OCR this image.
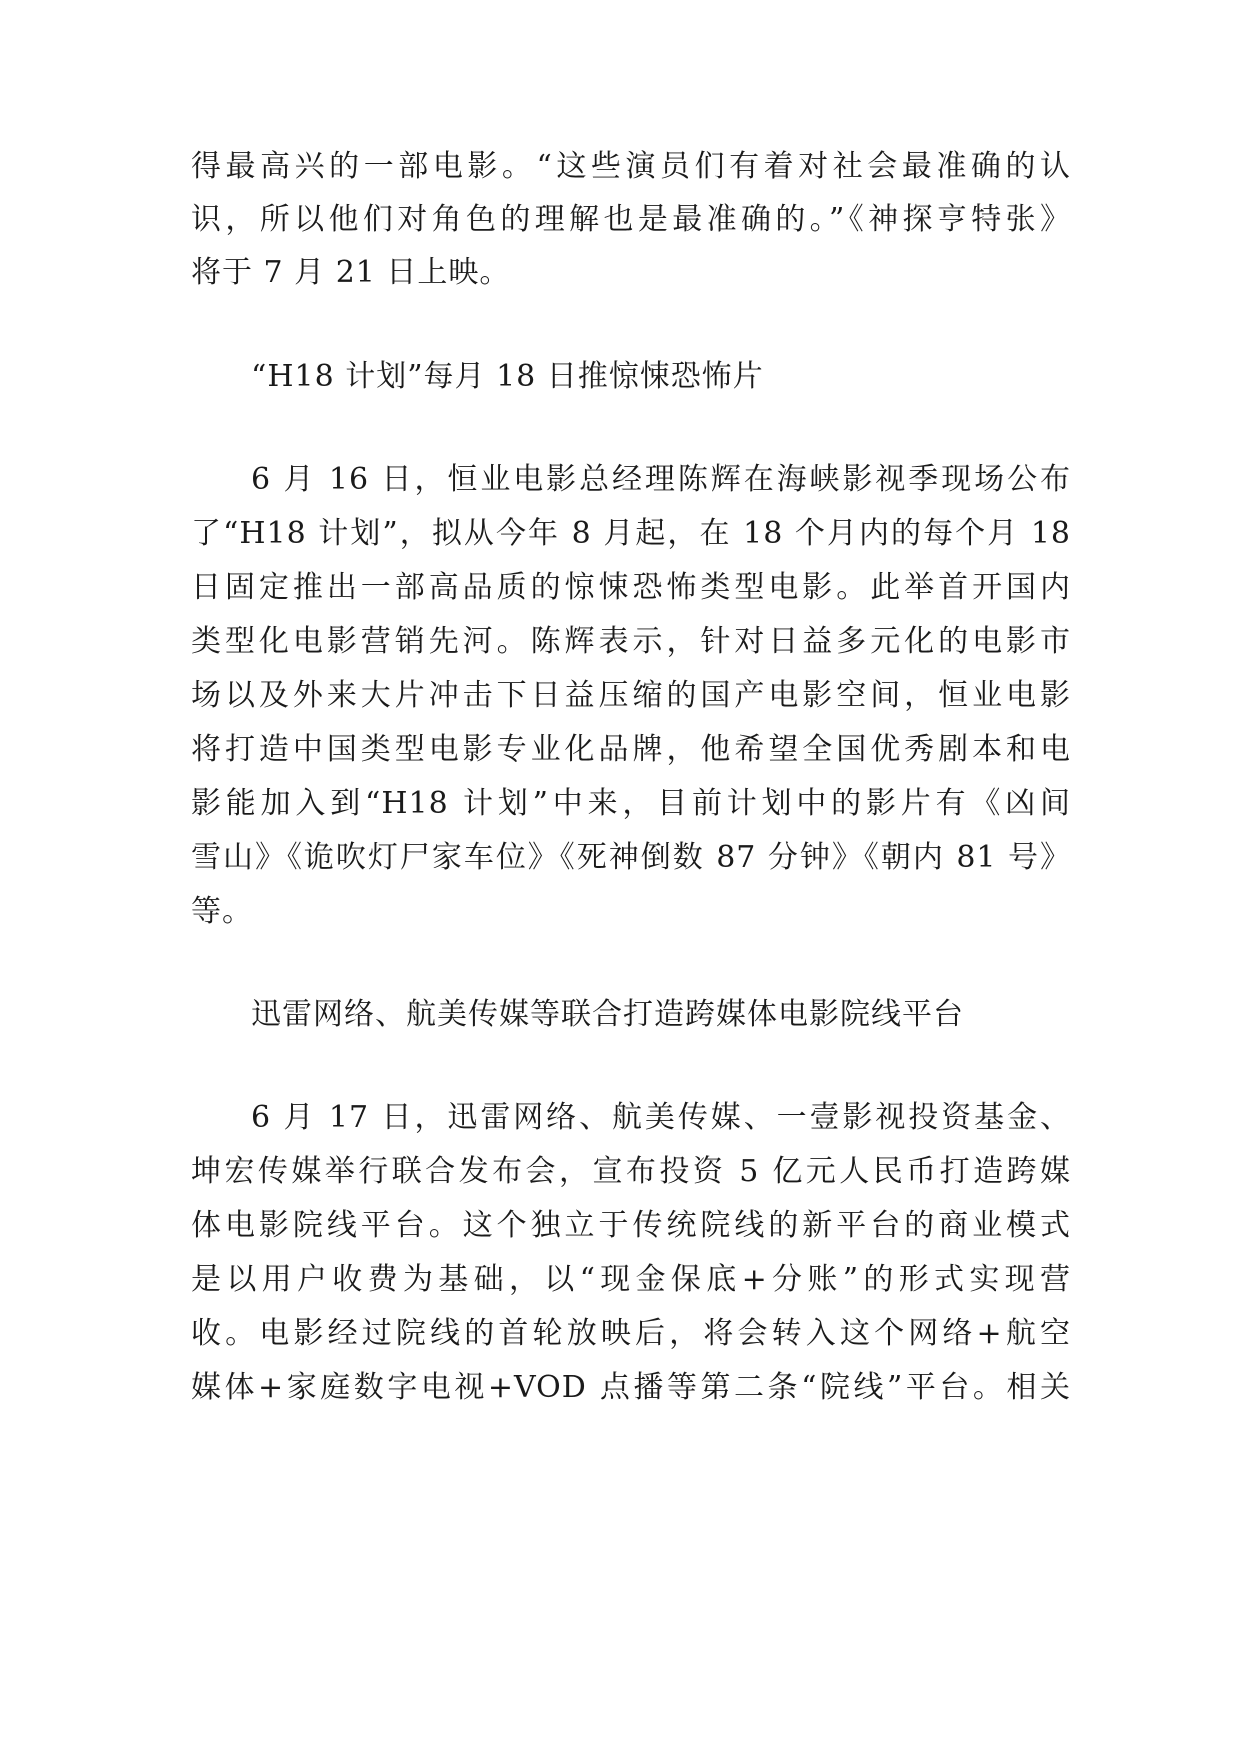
得最高兴的一部电影。“这些演员们有着对社会最准确的认
识，所以他们对角色的理解也是最准确的。”《神探亨特张》
将于 7 月 21 日上映。
“H18 计划”每月 18 日推惊悚恐怖片
6 月 16 日，恒业电影总经理陈辉在海峡影视季现场公布
了“H18 计划”，拟从今年 8 月起，在 18 个月内的每个月 18
日固定推出一部高品质的惊悚恐怖类型电影。此举首开国内
类型化电影营销先河。陈辉表示，针对日益多元化的电影市
场以及外来大片冲击下日益压缩的国产电影空间，恒业电影
将打造中国类型电影专业化品牌，他希望全国优秀剧本和电
影能加入到“H18 计划”中来，目前计划中的影片有《凶间
雪山》《诡吹灯尸家车位》《死神倒数 87 分钟》《朝内 81 号》
等。
迅雷网络、航美传媒等联合打造跨媒体电影院线平台
6 月 17 日，迅雷网络、航美传媒、一壹影视投资基金、
坤宏传媒举行联合发布会，宣布投资 5 亿元人民币打造跨媒
体电影院线平台。这个独立于传统院线的新平台的商业模式
是以用户收费为基础，以“现金保底+分账”的形式实现营
收。电影经过院线的首轮放映后，将会转入这个网络+航空
媒体+家庭数字电视+VOD 点播等第二条“院线”平台。相关
